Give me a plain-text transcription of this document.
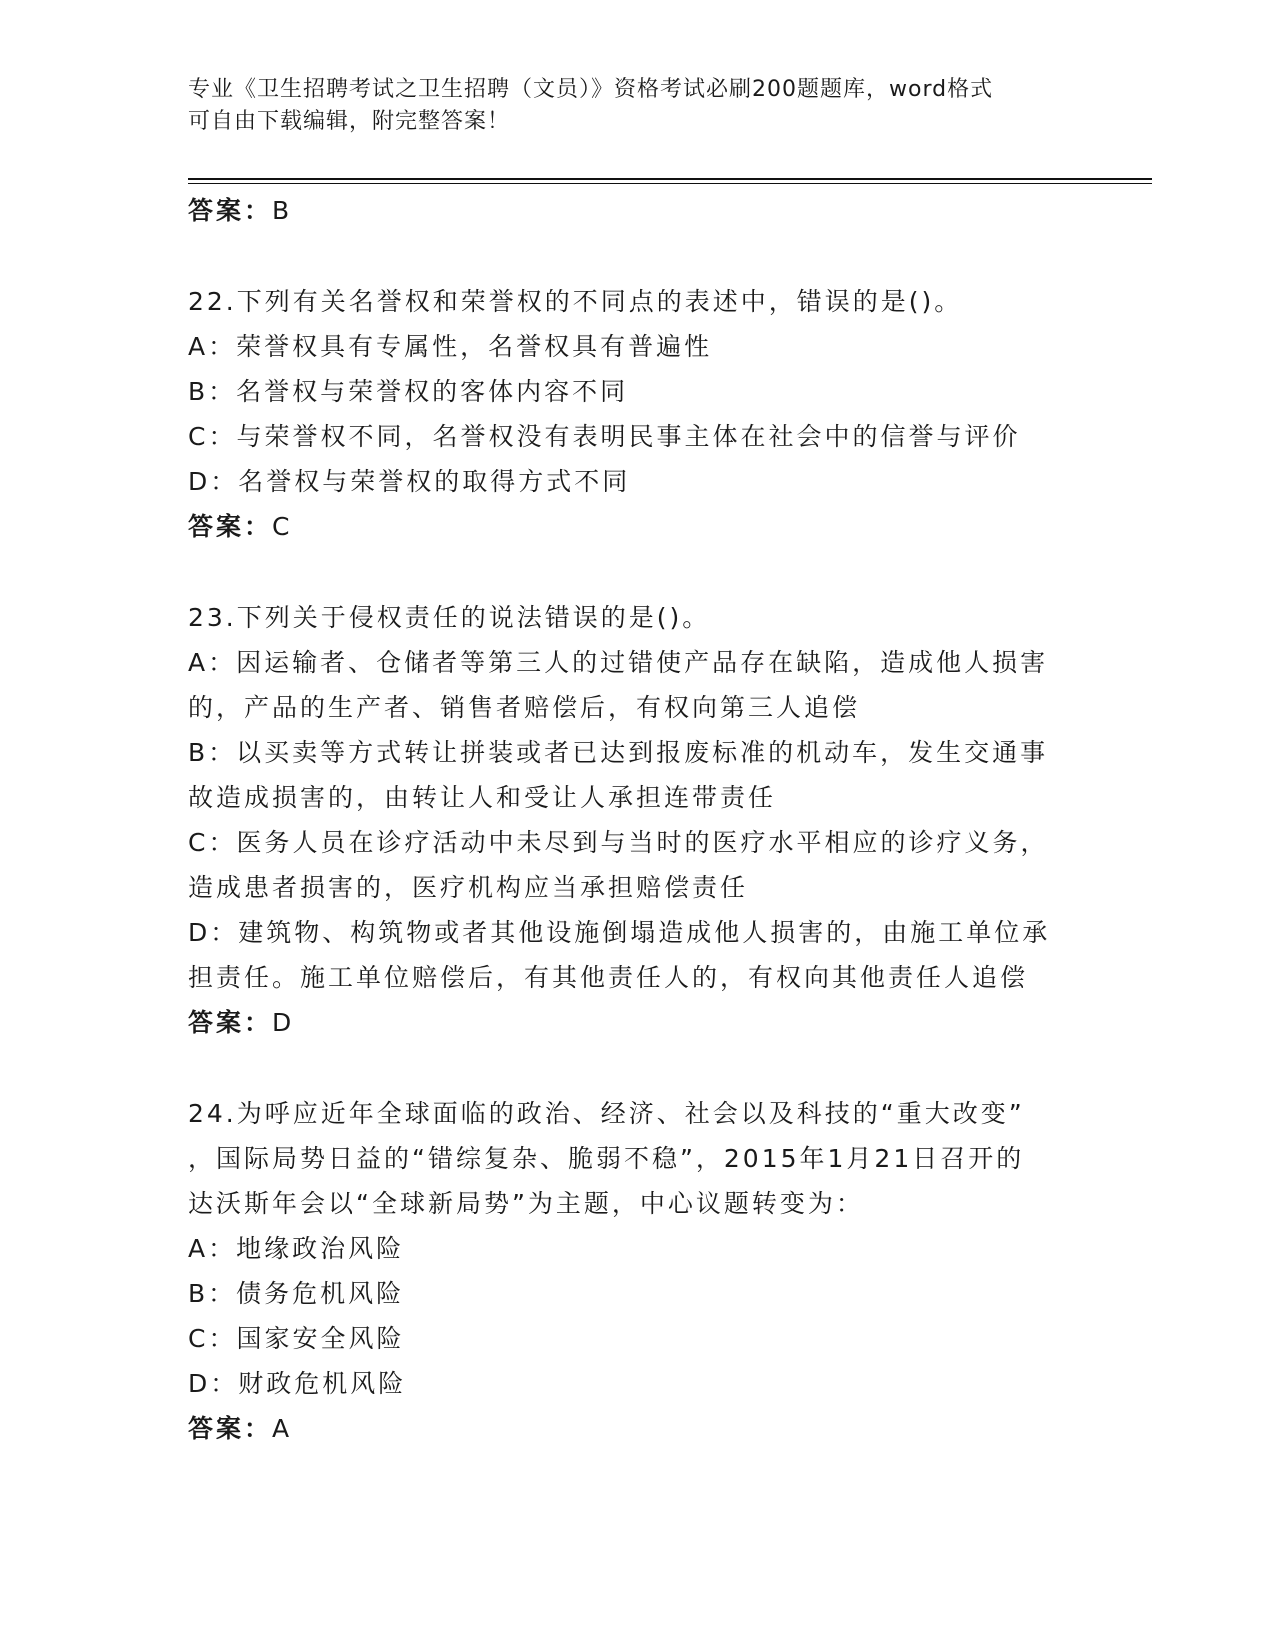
专业《卫生招聘考试之卫生招聘（文员）》资格考试必刷200题题库，word格式
可自由下载编辑，附完整答案！
答案：B
22.下列有关名誉权和荣誉权的不同点的表述中，错误的是()。
A：荣誉权具有专属性，名誉权具有普遍性
B：名誉权与荣誉权的客体内容不同
C：与荣誉权不同，名誉权没有表明民事主体在社会中的信誉与评价
D：名誉权与荣誉权的取得方式不同
答案：C
23.下列关于侵权责任的说法错误的是()。
A：因运输者、仓储者等第三人的过错使产品存在缺陷，造成他人损害
的，产品的生产者、销售者赔偿后，有权向第三人追偿
B：以买卖等方式转让拼装或者已达到报废标准的机动车，发生交通事
故造成损害的，由转让人和受让人承担连带责任
C：医务人员在诊疗活动中未尽到与当时的医疗水平相应的诊疗义务，
造成患者损害的，医疗机构应当承担赔偿责任
D：建筑物、构筑物或者其他设施倒塌造成他人损害的，由施工单位承
担责任。施工单位赔偿后，有其他责任人的，有权向其他责任人追偿
答案：D
24.为呼应近年全球面临的政治、经济、社会以及科技的“重大改变”
，国际局势日益的“错综复杂、脆弱不稳”，2015年1月21日召开的
达沃斯年会以“全球新局势”为主题，中心议题转变为：
A：地缘政治风险
B：债务危机风险
C：国家安全风险
D：财政危机风险
答案：A
